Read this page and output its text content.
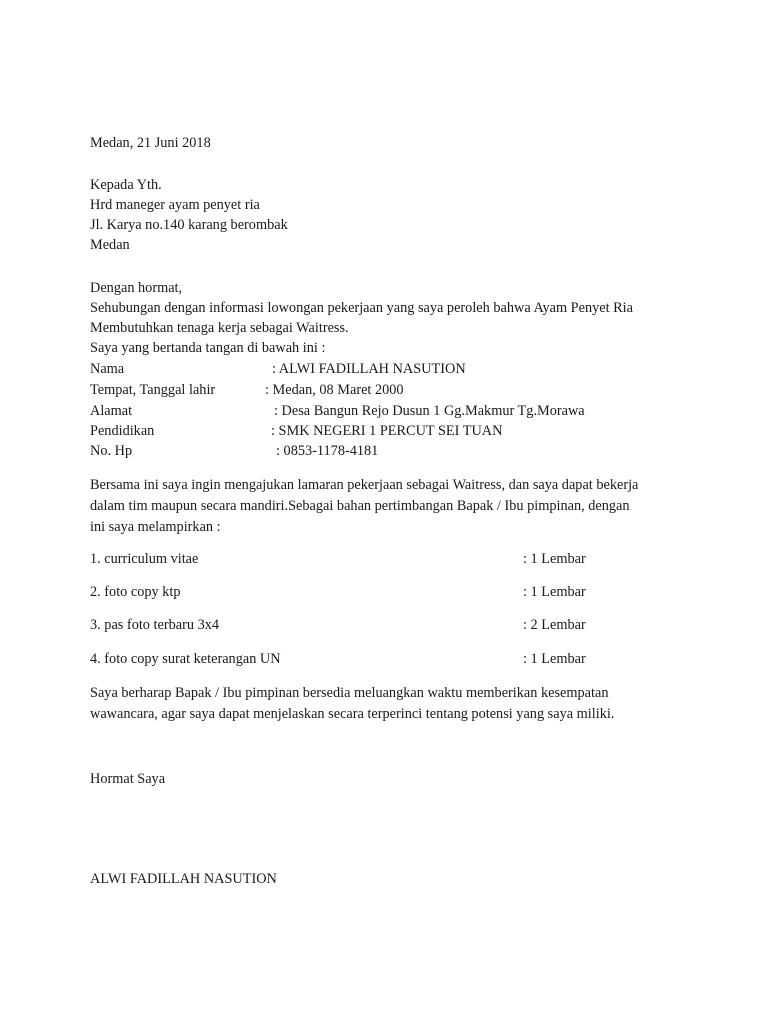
Medan, 21 Juni 2018
Kepada Yth.
Hrd maneger ayam penyet ria
Jl. Karya no.140 karang berombak
Medan
Dengan hormat,
Sehubungan dengan informasi lowongan pekerjaan yang saya peroleh bahwa Ayam Penyet Ria
Membutuhkan tenaga kerja sebagai Waitress.
Saya yang bertanda tangan di bawah ini :
Nama	: ALWI FADILLAH NASUTION
Tempat, Tanggal lahir	: Medan, 08 Maret 2000
Alamat	: Desa Bangun Rejo Dusun 1 Gg.Makmur Tg.Morawa
Pendidikan	: SMK NEGERI 1 PERCUT SEI TUAN
No. Hp	: 0853-1178-4181
Bersama ini saya ingin mengajukan lamaran pekerjaan sebagai Waitress, dan saya dapat bekerja
dalam tim maupun secara mandiri.Sebagai bahan pertimbangan Bapak / Ibu pimpinan, dengan
ini saya melampirkan :
1. curriculum vitae	: 1 Lembar
2. foto copy ktp	: 1 Lembar
3. pas foto terbaru 3x4	: 2 Lembar
4. foto copy surat keterangan UN	: 1 Lembar
Saya berharap Bapak / Ibu pimpinan bersedia meluangkan waktu memberikan kesempatan
wawancara, agar saya dapat menjelaskan secara terperinci tentang potensi yang saya miliki.
Hormat Saya
ALWI FADILLAH NASUTION
